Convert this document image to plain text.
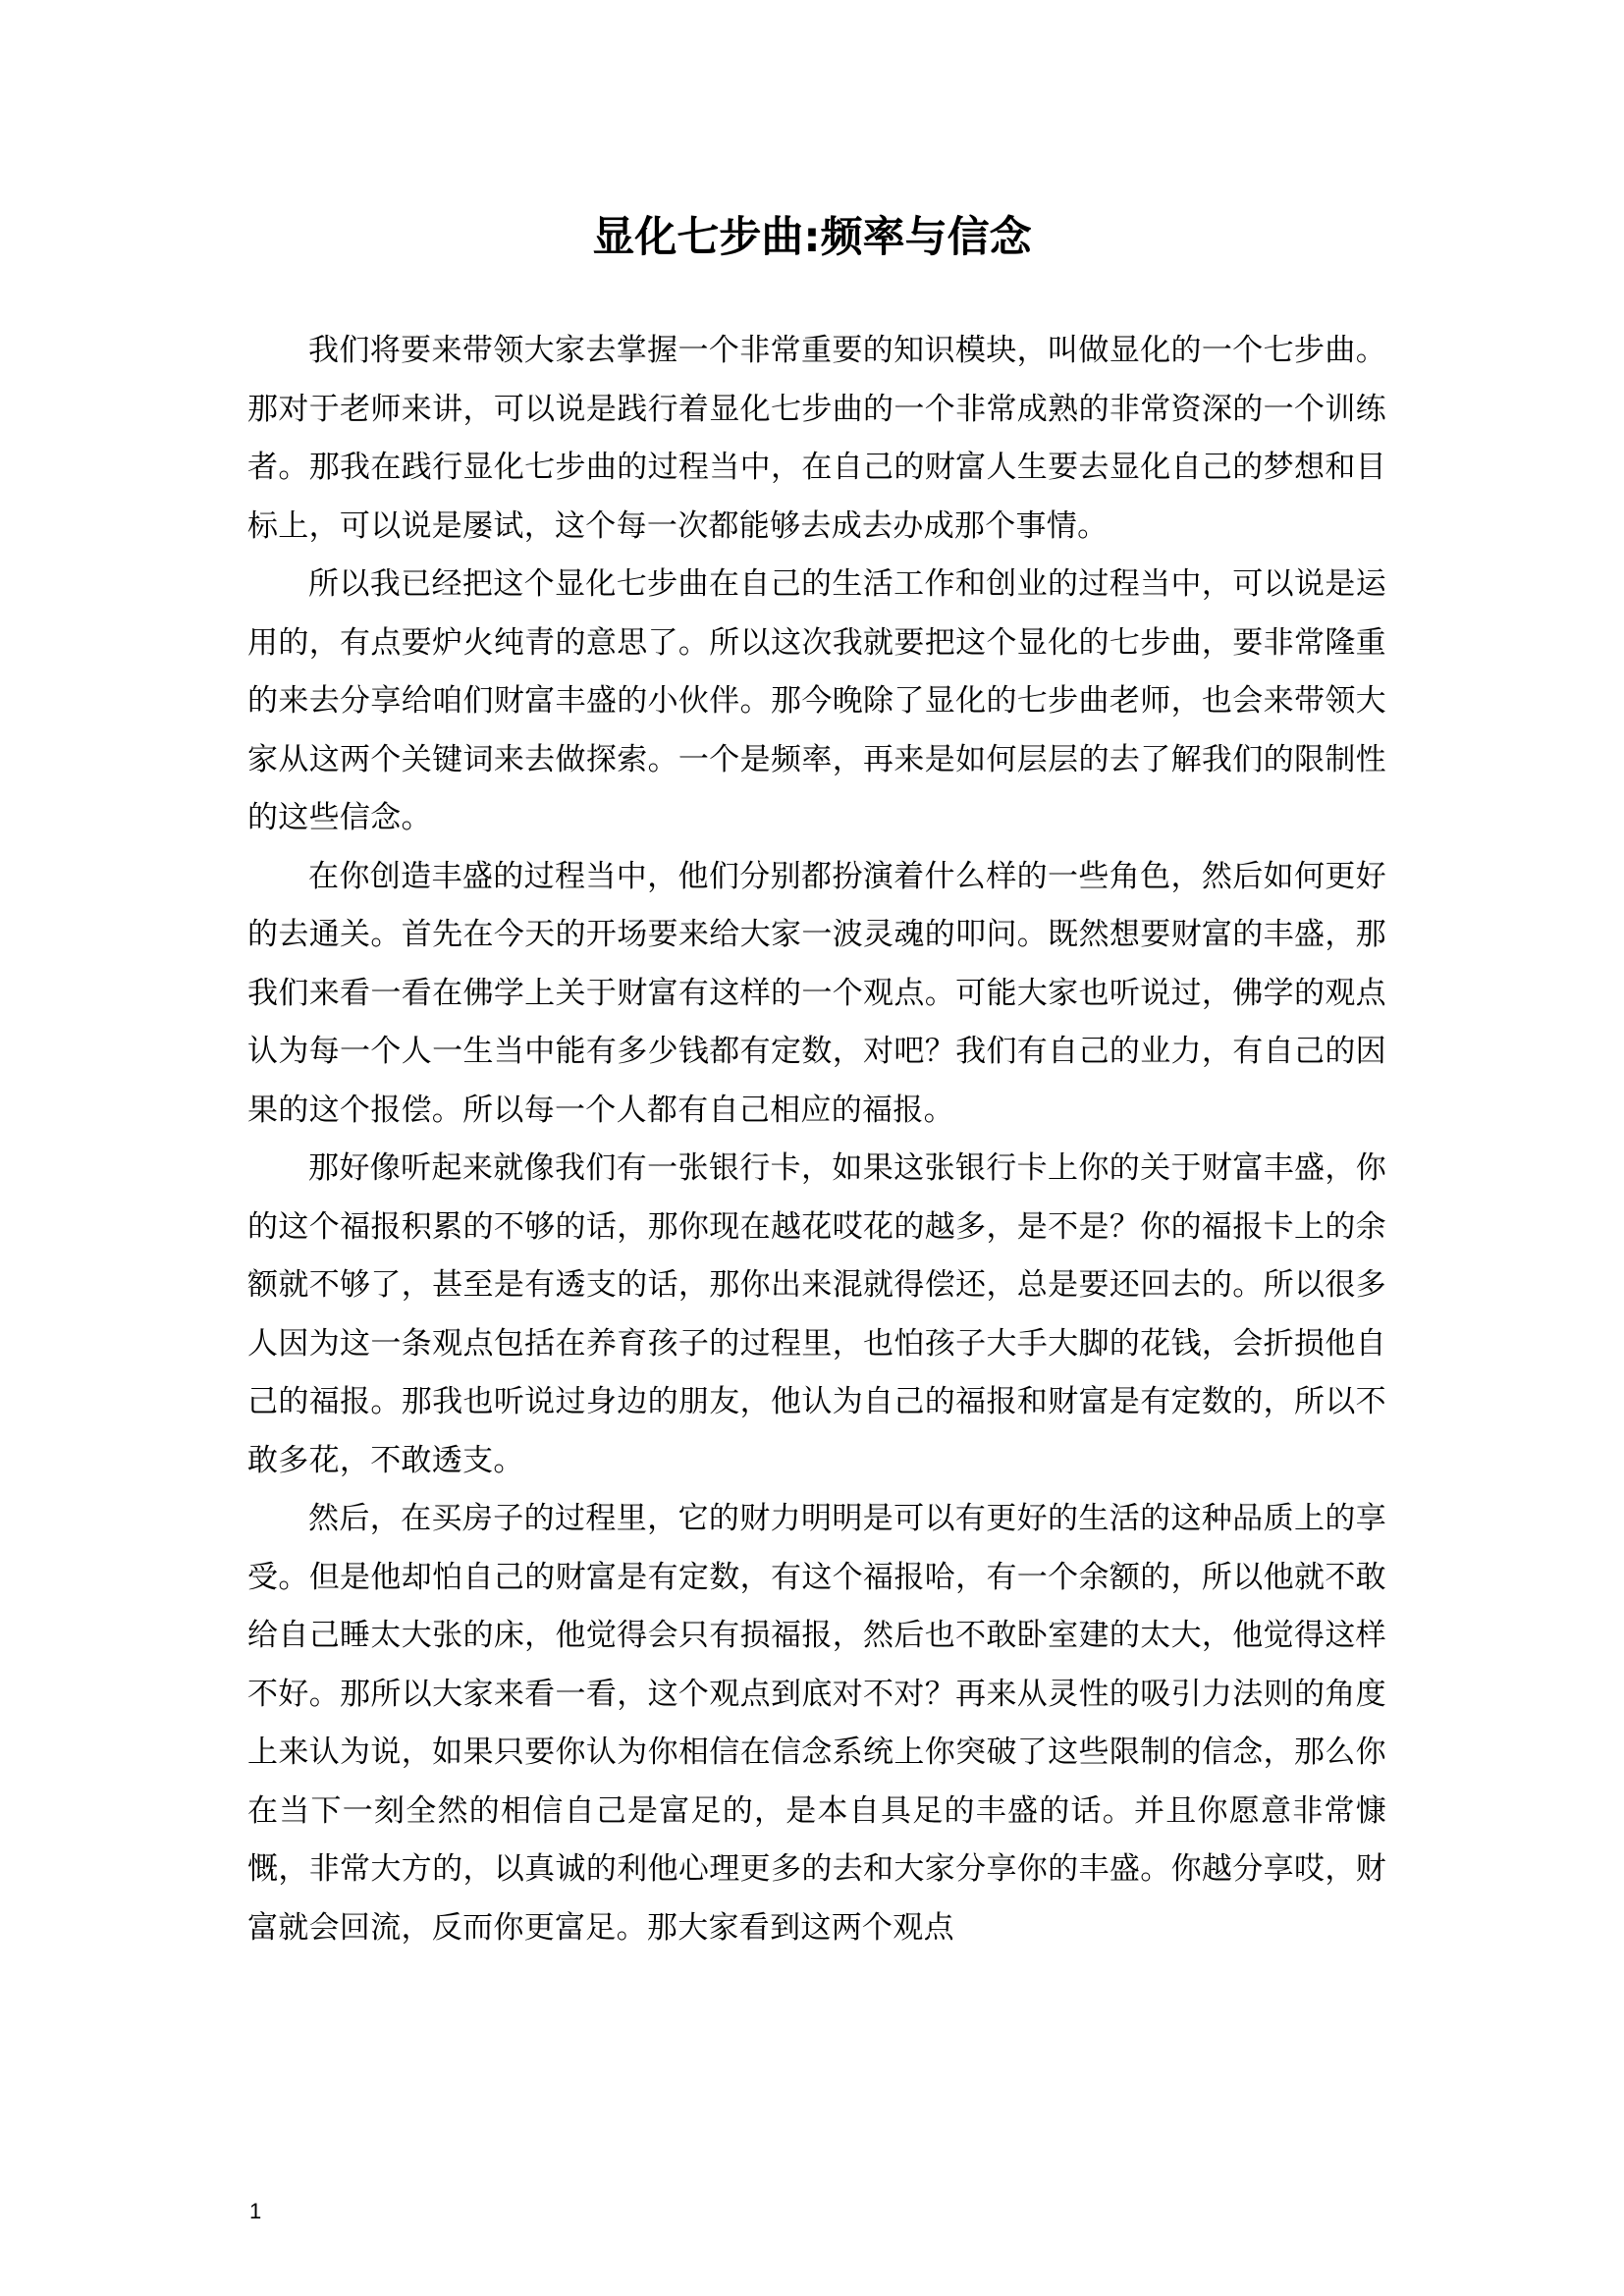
显化七步曲:频率与信念

我们将要来带领大家去掌握一个非常重要的知识模块，叫做显化的一个七步曲。那对于老师来讲，可以说是践行着显化七步曲的一个非常成熟的非常资深的一个训练者。那我在践行显化七步曲的过程当中，在自己的财富人生要去显化自己的梦想和目标上，可以说是屡试，这个每一次都能够去成去办成那个事情。

所以我已经把这个显化七步曲在自己的生活工作和创业的过程当中，可以说是运用的，有点要炉火纯青的意思了。所以这次我就要把这个显化的七步曲，要非常隆重的来去分享给咱们财富丰盛的小伙伴。那今晚除了显化的七步曲老师，也会来带领大家从这两个关键词来去做探索。一个是频率，再来是如何层层的去了解我们的限制性的这些信念。

在你创造丰盛的过程当中，他们分别都扮演着什么样的一些角色，然后如何更好的去通关。首先在今天的开场要来给大家一波灵魂的叩问。既然想要财富的丰盛，那我们来看一看在佛学上关于财富有这样的一个观点。可能大家也听说过，佛学的观点认为每一个人一生当中能有多少钱都有定数，对吧？我们有自己的业力，有自己的因果的这个报偿。所以每一个人都有自己相应的福报。

那好像听起来就像我们有一张银行卡，如果这张银行卡上你的关于财富丰盛，你的这个福报积累的不够的话，那你现在越花哎花的越多，是不是？你的福报卡上的余额就不够了，甚至是有透支的话，那你出来混就得偿还，总是要还回去的。所以很多人因为这一条观点包括在养育孩子的过程里，也怕孩子大手大脚的花钱，会折损他自己的福报。那我也听说过身边的朋友，他认为自己的福报和财富是有定数的，所以不敢多花，不敢透支。

然后，在买房子的过程里，它的财力明明是可以有更好的生活的这种品质上的享受。但是他却怕自己的财富是有定数，有这个福报哈，有一个余额的，所以他就不敢给自己睡太大张的床，他觉得会只有损福报，然后也不敢卧室建的太大，他觉得这样不好。那所以大家来看一看，这个观点到底对不对？再来从灵性的吸引力法则的角度上来认为说，如果只要你认为你相信在信念系统上你突破了这些限制的信念，那么你在当下一刻全然的相信自己是富足的，是本自具足的丰盛的话。并且你愿意非常慷慨，非常大方的，以真诚的利他心理更多的去和大家分享你的丰盛。你越分享哎，财富就会回流，反而你更富足。那大家看到这两个观点

1
